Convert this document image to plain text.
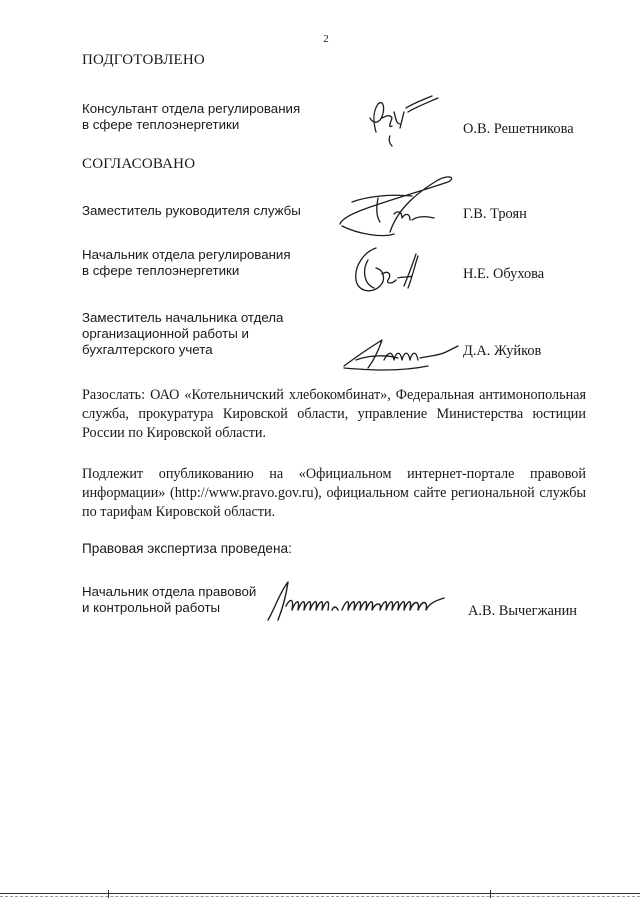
2
ПОДГОТОВЛЕНО
Консультант отдела регулирования
в сфере теплоэнергетики	О.В. Решетникова
СОГЛАСОВАНО
Заместитель руководителя службы	Г.В. Троян
Начальник отдела регулирования
в сфере теплоэнергетики	Н.Е. Обухова
Заместитель начальника отдела
организационной работы и
бухгалтерского учета	Д.А. Жуйков
Разослать: ОАО «Котельничский хлебокомбинат», Федеральная антимонопольная служба, прокуратура Кировской области, управление Министерства юстиции России по Кировской области.
Подлежит опубликованию на «Официальном интернет-портале правовой информации» (http://www.pravo.gov.ru), официальном сайте региональной службы по тарифам Кировской области.
Правовая экспертиза проведена:
Начальник отдела правовой
и контрольной работы	А.В. Вычегжанин
